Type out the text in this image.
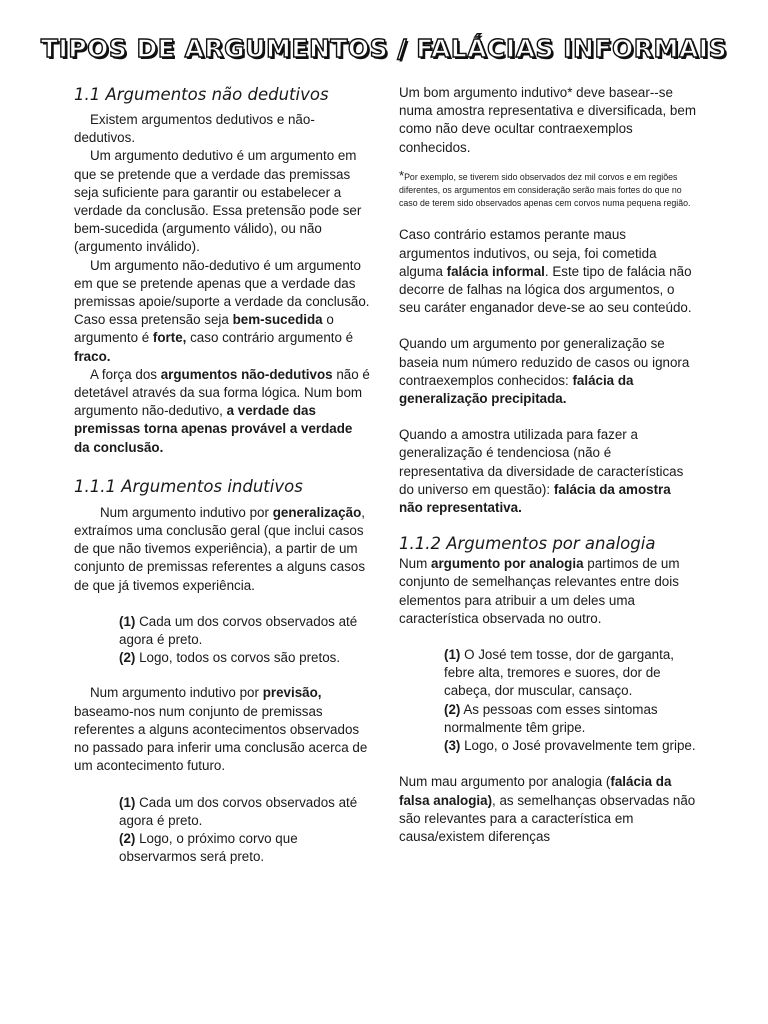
TIPOS DE ARGUMENTOS / FALÁCIAS INFORMAIS
1.1 Argumentos não dedutivos

Existem argumentos dedutivos e não-dedutivos.

Um argumento dedutivo é um argumento em que se pretende que a verdade das premissas seja suficiente para garantir ou estabelecer a verdade da conclusão. Essa pretensão pode ser bem-sucedida (argumento válido), ou não (argumento inválido).

Um argumento não-dedutivo é um argumento em que se pretende apenas que a verdade das premissas apoie/suporte a verdade da conclusão. Caso essa pretensão seja bem-sucedida o argumento é forte, caso contrário argumento é fraco.

A força dos argumentos não-dedutivos não é detetável através da sua forma lógica. Num bom argumento não-dedutivo, a verdade das premissas torna apenas provável a verdade da conclusão.

1.1.1 Argumentos indutivos

Num argumento indutivo por generalização, extraímos uma conclusão geral (que inclui casos de que não tivemos experiência), a partir de um conjunto de premissas referentes a alguns casos de que já tivemos experiência.

(1) Cada um dos corvos observados até agora é preto.

(2) Logo, todos os corvos são pretos.

Num argumento indutivo por previsão, baseamo-nos num conjunto de premissas referentes a alguns acontecimentos observados no passado para inferir uma conclusão acerca de um acontecimento futuro.

(1) Cada um dos corvos observados até agora é preto.

(2) Logo, o próximo corvo que observarmos será preto.

Um bom argumento indutivo* deve basear--se numa amostra representativa e diversificada, bem como não deve ocultar contraexemplos conhecidos.

*Por exemplo, se tiverem sido observados dez mil corvos e em regiões diferentes, os argumentos em consideração serão mais fortes do que no caso de terem sido observados apenas cem corvos numa pequena região.

Caso contrário estamos perante maus argumentos indutivos, ou seja, foi cometida alguma falácia informal. Este tipo de falácia não decorre de falhas na lógica dos argumentos, o seu caráter enganador deve-se ao seu conteúdo.

Quando um argumento por generalização se baseia num número reduzido de casos ou ignora contraexemplos conhecidos: falácia da generalização precipitada.

Quando a amostra utilizada para fazer a generalização é tendenciosa (não é representativa da diversidade de características do universo em questão): falácia da amostra não representativa.

1.1.2 Argumentos por analogia

Num argumento por analogia partimos de um conjunto de semelhanças relevantes entre dois elementos para atribuir a um deles uma característica observada no outro.

(1) O José tem tosse, dor de garganta, febre alta, tremores e suores, dor de cabeça, dor muscular, cansaço.

(2) As pessoas com esses sintomas normalmente têm gripe.

(3) Logo, o José provavelmente tem gripe.

Num mau argumento por analogia (falácia da falsa analogia), as semelhanças observadas não são relevantes para a característica em causa/existem diferenças
